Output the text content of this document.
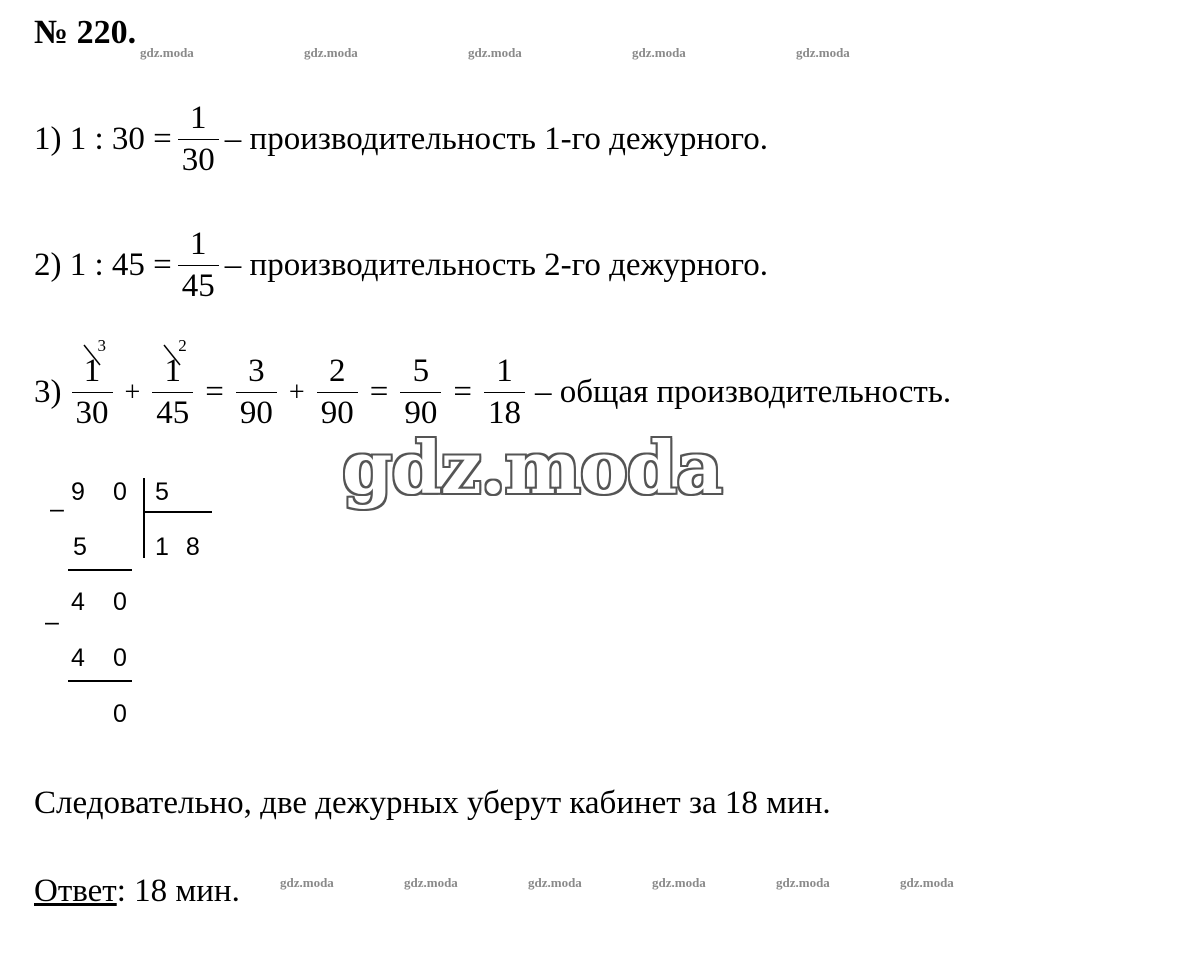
№ 220.
gdz.moda	gdz.moda	gdz.moda	gdz.moda	gdz.moda
1) 1 : $30 = \frac{1}{30}$ – производительность 1-го дежурного.
2) 1 : $45 = \frac{1}{45}$ – производительность 2-го дежурного.
3)
1
30
3
+
1
45
2
= $\frac{3}{90} + \frac{2}{90} = \frac{5}{90} = \frac{1}{18}$ – общая производительность.
gdz.moda
–
9 0 5
5	1 8
4 0
–
4 0
0
Следовательно, две дежурных уберут кабинет за 18 мин.
Ответ: 18 мин.	gdz.moda	gdz.moda	gdz.moda	gdz.moda	gdz.moda	gdz.moda
